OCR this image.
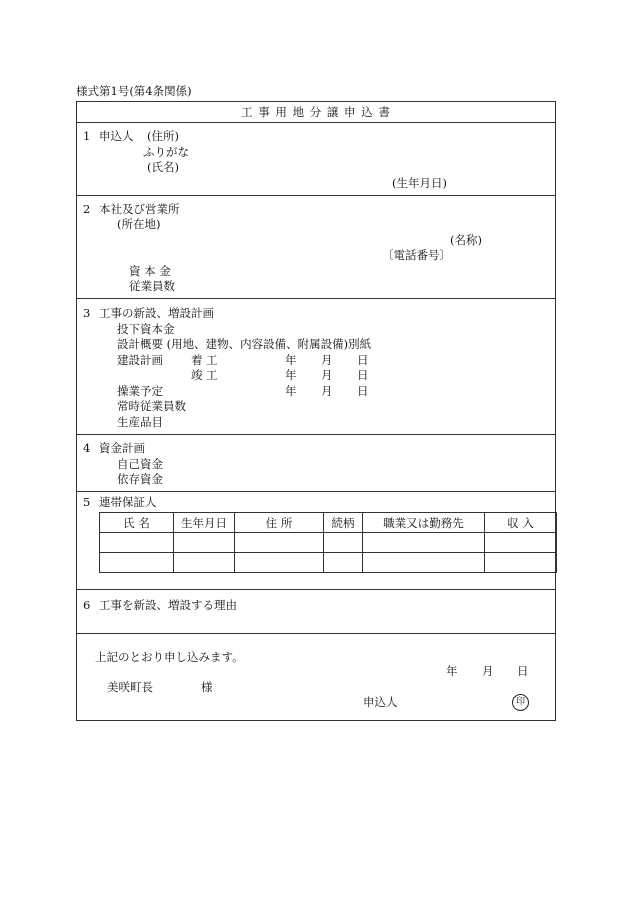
様式第1号(第4条関係)
工 事 用 地 分 譲 申 込 書
1 申込人 (住所)
ふりがな
(氏名)
(生年月日)
2 本社及び営業所
(所在地)
(名称)
〔電話番号〕
資 本 金
従業員数
3 工事の新設、増設計画
投下資本金
設計概要 (用地、建物、内容設備、附属設備)別紙
建設計画 着 工	年 月 日
竣 工	年 月 日
操業予定	年 月 日
常時従業員数
生産品目
4 資金計画
自己資金
依存資金
5 連帯保証人
氏 名	生年月日	住 所	続柄	職業又は勤務先	収 入

6 工事を新設、増設する理由
上記のとおり申し込みます。
年 月 日
美咲町長	様
申込人	印
